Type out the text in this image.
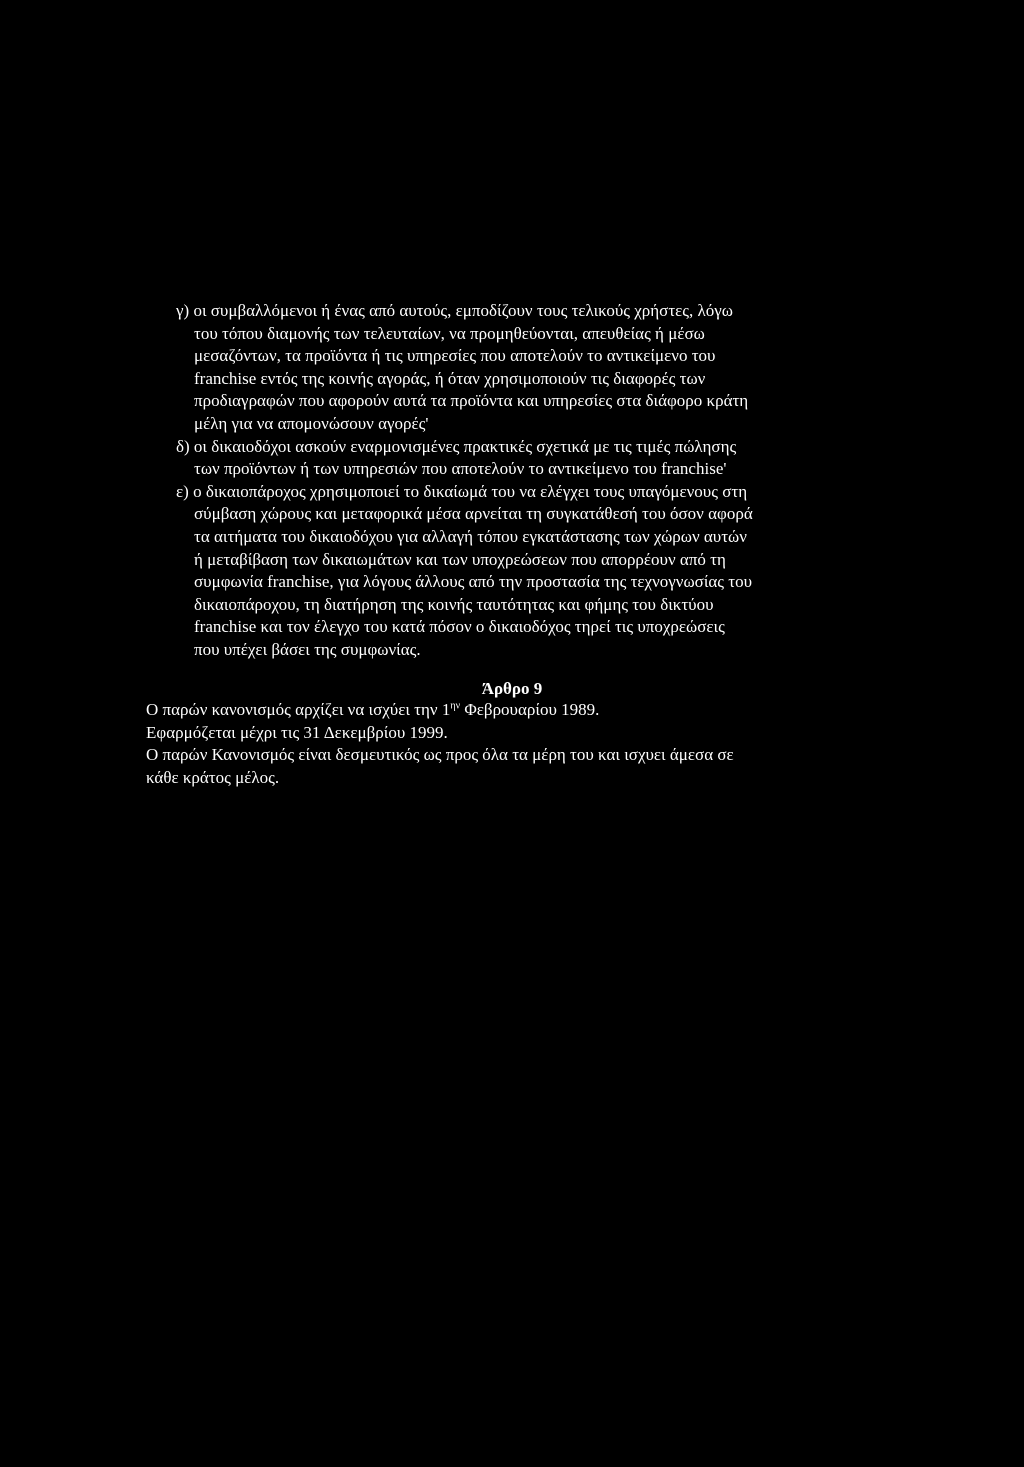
γ) οι συμβαλλόμενοι ή ένας από αυτούς, εμποδίζουν τους τελικούς χρήστες, λόγω
του τόπου διαμονής των τελευταίων, να προμηθεύονται, απευθείας ή μέσω
μεσαζόντων, τα προϊόντα ή τις υπηρεσίες που αποτελούν το αντικείμενο του
franchise εντός της κοινής αγοράς, ή όταν χρησιμοποιούν τις διαφορές των
προδιαγραφών που αφορούν αυτά τα προϊόντα και υπηρεσίες στα διάφορο κράτη
μέλη για να απομονώσουν αγορές'
δ) οι δικαιοδόχοι ασκούν εναρμονισμένες πρακτικές σχετικά με τις τιμές πώλησης
των προϊόντων ή των υπηρεσιών που αποτελούν το αντικείμενο του franchise'
ε) ο δικαιοπάροχος χρησιμοποιεί το δικαίωμά του να ελέγχει τους υπαγόμενους στη
σύμβαση χώρους και μεταφορικά μέσα αρνείται τη συγκατάθεσή του όσον αφορά
τα αιτήματα του δικαιοδόχου για αλλαγή τόπου εγκατάστασης των χώρων αυτών
ή μεταβίβαση των δικαιωμάτων και των υποχρεώσεων που απορρέουν από τη
συμφωνία franchise, για λόγους άλλους από την προστασία της τεχνογνωσίας του
δικαιοπάροχου, τη διατήρηση της κοινής ταυτότητας και φήμης του δικτύου
franchise και τον έλεγχο του κατά πόσον ο δικαιοδόχος τηρεί τις υποχρεώσεις
που υπέχει βάσει της συμφωνίας.
Άρθρο 9
Ο παρών κανονισμός αρχίζει να ισχύει την $1^{\eta\nu}$ Φεβρουαρίου 1989.
Εφαρμόζεται μέχρι τις 31 Δεκεμβρίου 1999.
Ο παρών Κανονισμός είναι δεσμευτικός ως προς όλα τα μέρη του και ισχυει άμεσα σε
κάθε κράτος μέλος.
